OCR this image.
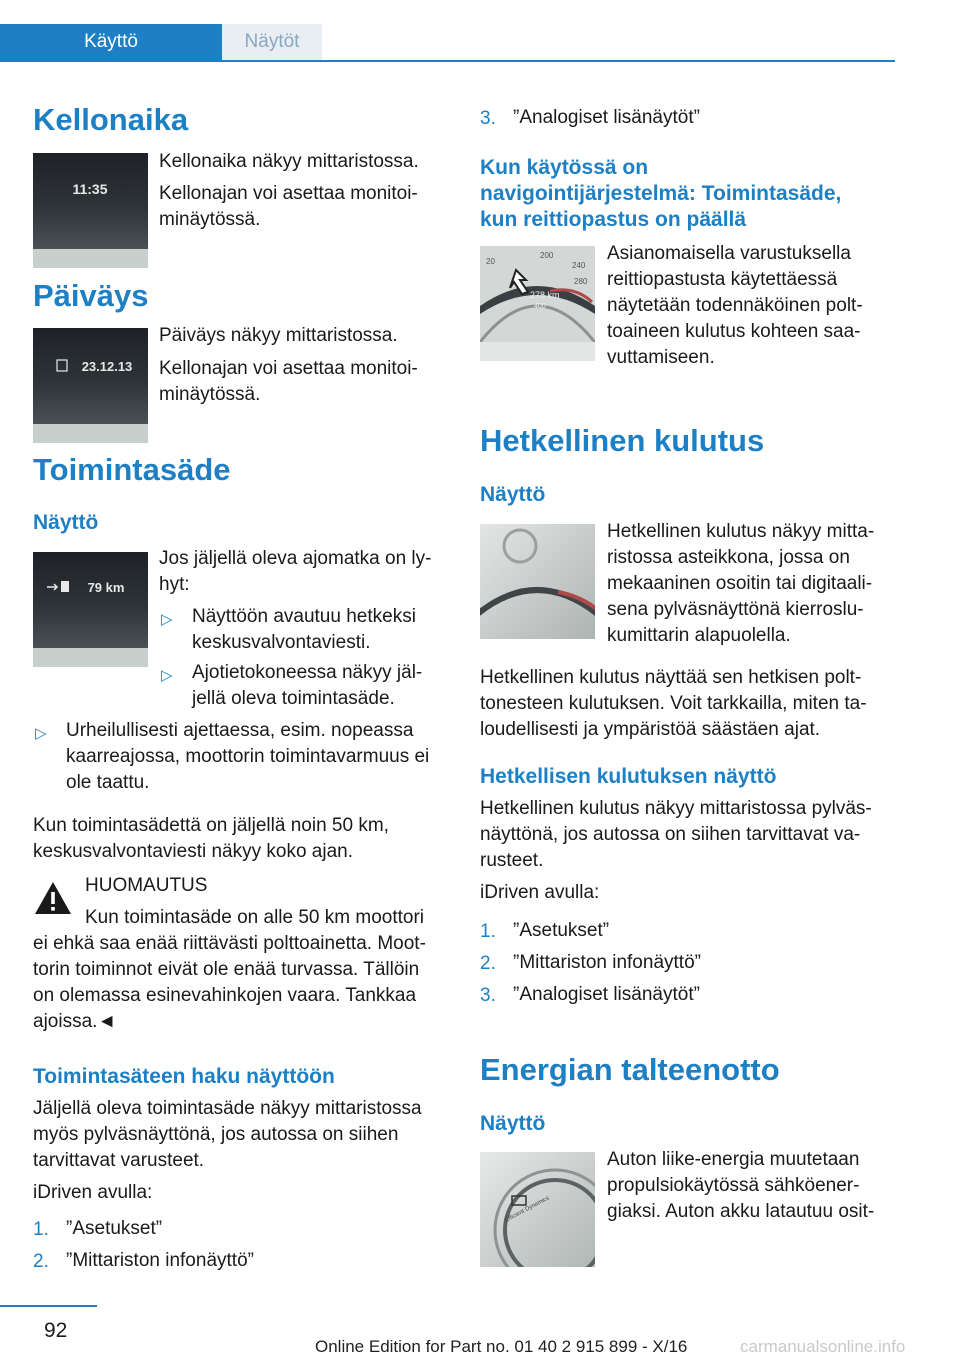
Käyttö	Näytöt
Kellonaika
11:35

Kellonaika näkyy mittaristossa.

Kellonajan voi asettaa monitoi‐

minäytössä.

Päiväys
23.12.13

Päiväys näkyy mittaristossa.

Kellonajan voi asettaa monitoi‐

minäytössä.

Toimintasäde
Näyttö
79 km

Jos jäljellä oleva ajomatka on ly‐

hyt:

▷ Näyttöön avautuu hetkeksi

keskusvalvontaviesti.

▷ Ajotietokoneessa näkyy jäl‐

jellä oleva toimintasäde.

▷ Urheilullisesti ajettaessa, esim. nopeassa

kaarreajossa, moottorin toimintavarmuus ei

ole taattu.

Kun toimintasädettä on jäljellä noin 50 km,

keskusvalvontaviesti näkyy koko ajan.

HUOMAUTUS

Kun toimintasäde on alle 50 km moottori

ei ehkä saa enää riittävästi polttoainetta. Moot‐

torin toiminnot eivät ole enää turvassa. Tällöin

on olemassa esinevahinkojen vaara. Tankkaa

ajoissa.◄

Toimintasäteen haku näyttöön

Jäljellä oleva toimintasäde näkyy mittaristossa

myös pylväsnäyttönä, jos autossa on siihen

tarvittavat varusteet.

iDriven avulla:

1. ”Asetukset”
2. ”Mittariston infonäyttö”
3. ”Analogiset lisänäytöt”
Kun käytössä on
navigointijärjestelmä: Toimintasäde,
kun reittiopastus on päällä
20
200
240
280
278 km
400

Asianomaisella varustuksella

reittiopastusta käytettäessä

näytetään todennäköinen polt‐

toaineen kulutus kohteen saa‐

vuttamiseen.

Hetkellinen kulutus
Näyttö

Hetkellinen kulutus näkyy mitta‐

ristossa asteikkona, jossa on

mekaaninen osoitin tai digitaali‐

sena pylväsnäyttönä kierroslu‐

kumittarin alapuolella.

Hetkellinen kulutus näyttää sen hetkisen polt‐

tonesteen kulutuksen. Voit tarkkailla, miten ta‐

loudellisesti ja ympäristöä säästäen ajat.

Hetkellisen kulutuksen näyttö

Hetkellinen kulutus näkyy mittaristossa pylväs‐

näyttönä, jos autossa on siihen tarvittavat va‐

rusteet.

iDriven avulla:

1. ”Asetukset”
2. ”Mittariston infonäyttö”
3. ”Analogiset lisänäytöt”
Energian talteenotto
Näyttö
Efficient Dynamics

Auton liike-energia muutetaan

propulsiokäytössä sähköener‐

giaksi. Auton akku latautuu osit‐

92

Online Edition for Part no. 01 40 2 915 899 - X/16	carmanualsonline.info
